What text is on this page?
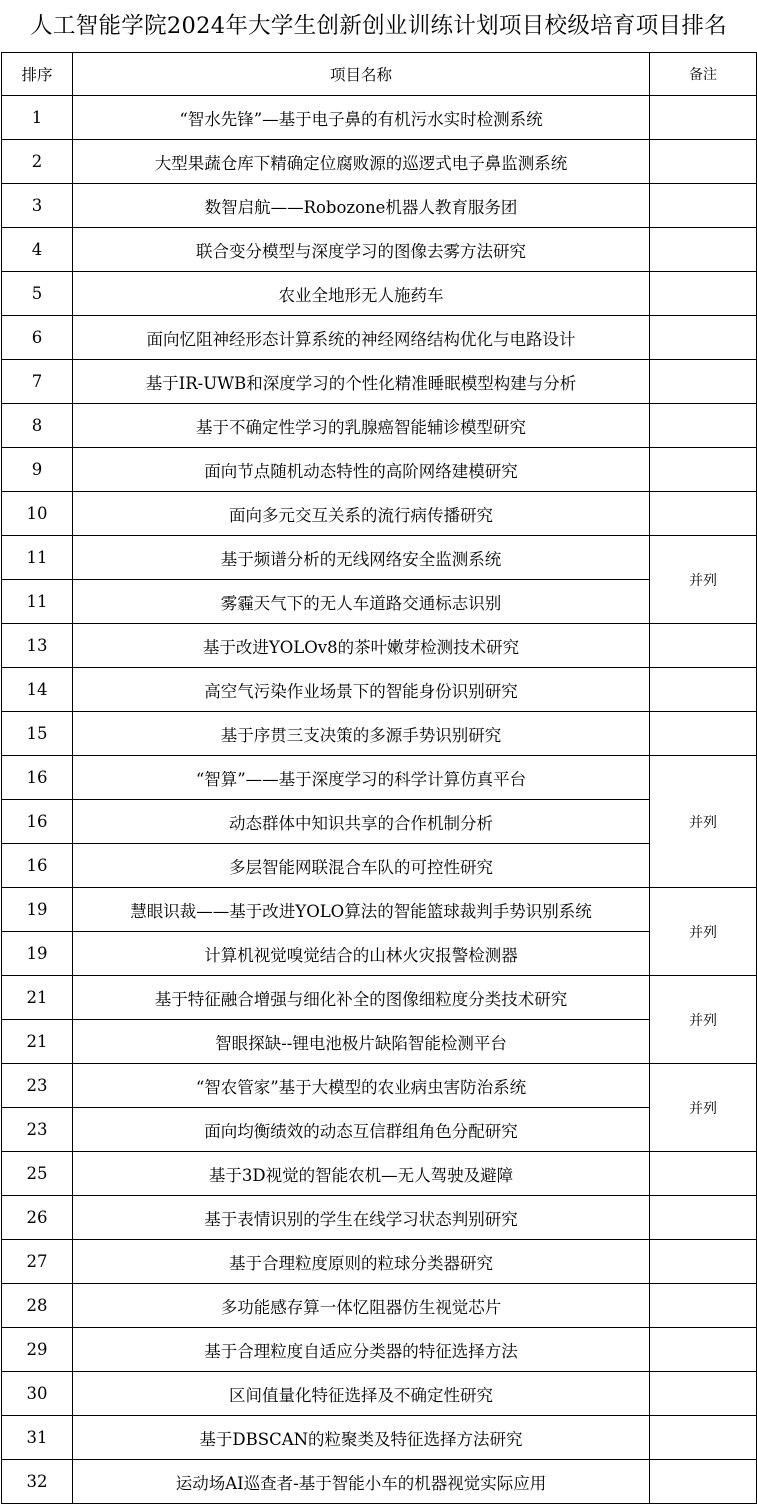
人工智能学院2024年大学生创新创业训练计划项目校级培育项目排名
排序	项目名称	备注
1	“智水先锋”—基于电子鼻的有机污水实时检测系统	
2	大型果蔬仓库下精确定位腐败源的巡逻式电子鼻监测系统	
3	数智启航——Robozone机器人教育服务团	
4	联合变分模型与深度学习的图像去雾方法研究	
5	农业全地形无人施药车	
6	面向忆阻神经形态计算系统的神经网络结构优化与电路设计	
7	基于IR-UWB和深度学习的个性化精准睡眠模型构建与分析	
8	基于不确定性学习的乳腺癌智能辅诊模型研究	
9	面向节点随机动态特性的高阶网络建模研究	
10	面向多元交互关系的流行病传播研究	
11	基于频谱分析的无线网络安全监测系统	并列
11	雾霾天气下的无人车道路交通标志识别	
13	基于改进YOLOv8的茶叶嫩芽检测技术研究	
14	高空气污染作业场景下的智能身份识别研究	
15	基于序贯三支决策的多源手势识别研究	
16	“智算”——基于深度学习的科学计算仿真平台	并列
16	动态群体中知识共享的合作机制分析	
16	多层智能网联混合车队的可控性研究	
19	慧眼识裁——基于改进YOLO算法的智能篮球裁判手势识别系统	并列
19	计算机视觉嗅觉结合的山林火灾报警检测器	
21	基于特征融合增强与细化补全的图像细粒度分类技术研究	并列
21	智眼探缺--锂电池极片缺陷智能检测平台	
23	“智农管家”基于大模型的农业病虫害防治系统	并列
23	面向均衡绩效的动态互信群组角色分配研究	
25	基于3D视觉的智能农机—无人驾驶及避障	
26	基于表情识别的学生在线学习状态判别研究	
27	基于合理粒度原则的粒球分类器研究	
28	多功能感存算一体忆阻器仿生视觉芯片	
29	基于合理粒度自适应分类器的特征选择方法	
30	区间值量化特征选择及不确定性研究	
31	基于DBSCAN的粒聚类及特征选择方法研究	
32	运动场AI巡查者-基于智能小车的机器视觉实际应用	
